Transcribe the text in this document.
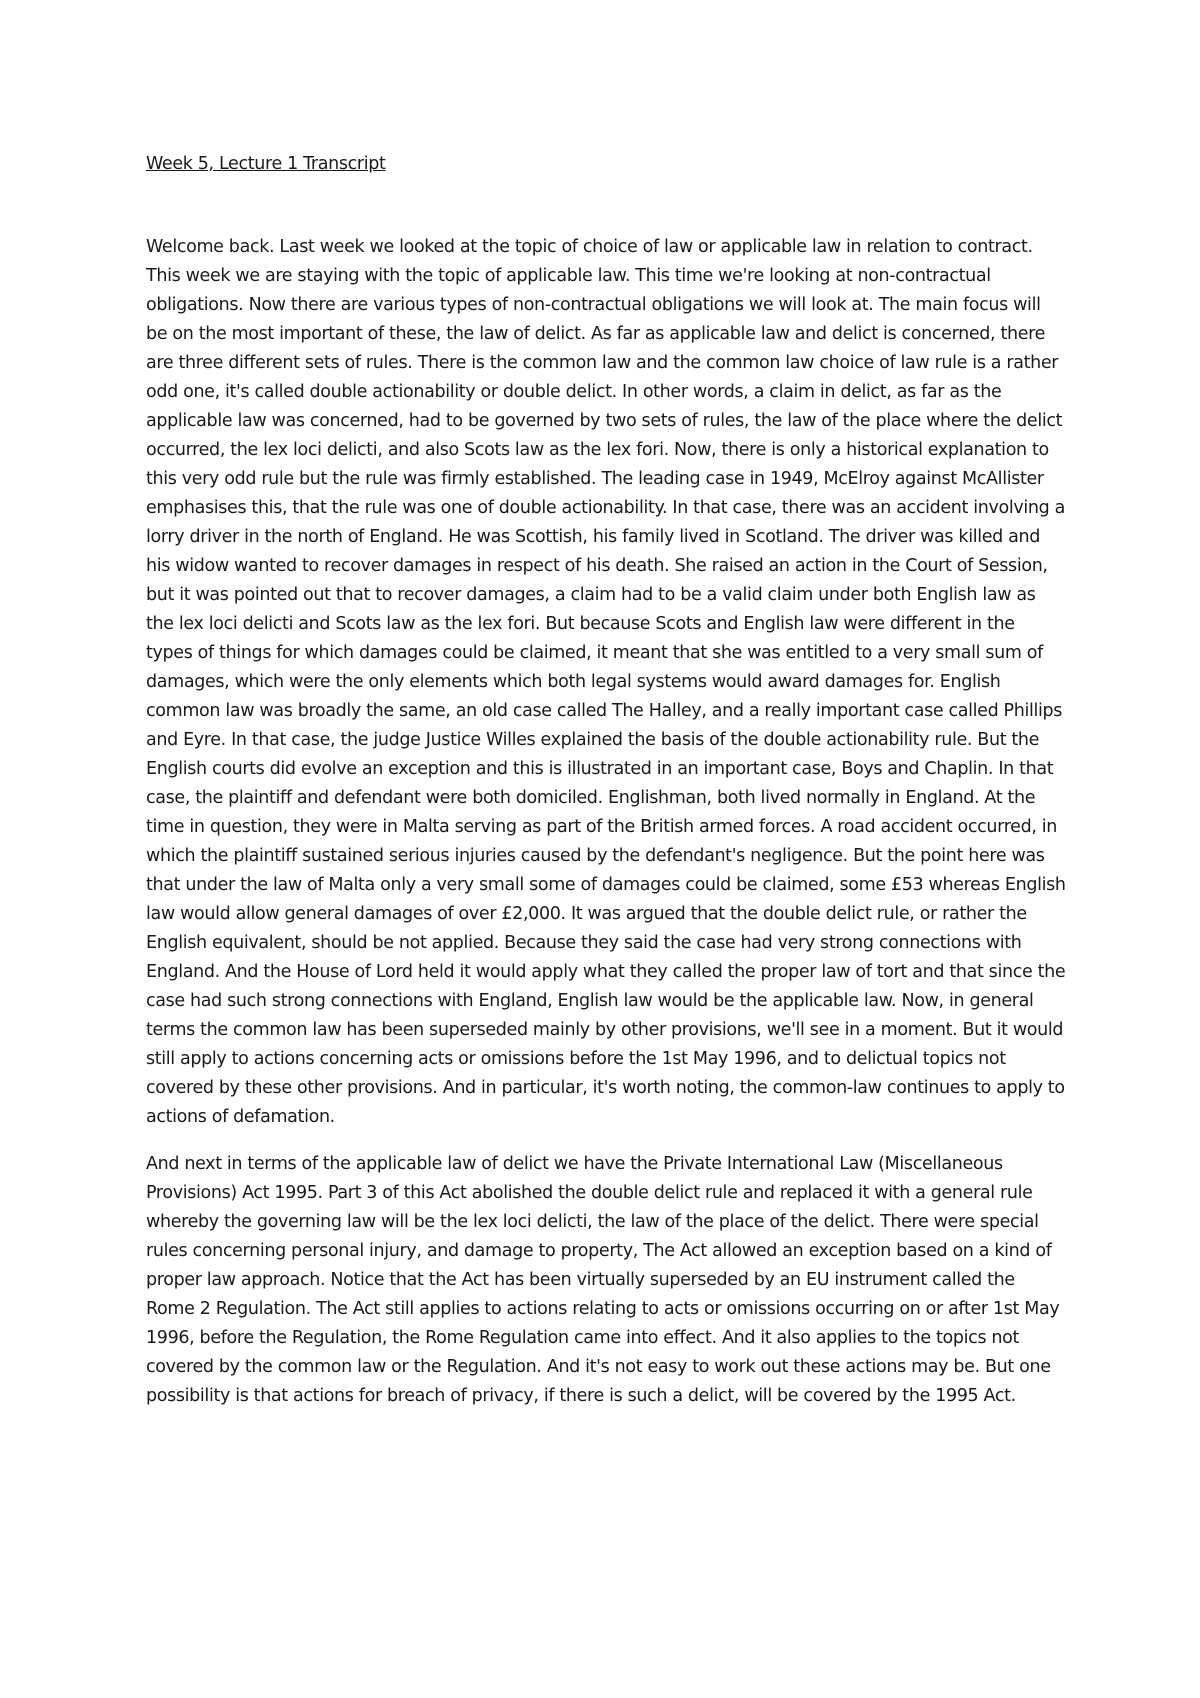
Week 5, Lecture 1 Transcript

Welcome back. Last week we looked at the topic of choice of law or applicable law in relation to contract. This week we are staying with the topic of applicable law. This time we're looking at non-contractual obligations. Now there are various types of non-contractual obligations we will look at. The main focus will be on the most important of these, the law of delict. As far as applicable law and delict is concerned, there are three different sets of rules. There is the common law and the common law choice of law rule is a rather odd one, it's called double actionability or double delict. In other words, a claim in delict, as far as the applicable law was concerned, had to be governed by two sets of rules, the law of the place where the delict occurred, the lex loci delicti, and also Scots law as the lex fori. Now, there is only a historical explanation to this very odd rule but the rule was firmly established. The leading case in 1949, McElroy against McAllister emphasises this, that the rule was one of double actionability. In that case, there was an accident involving a lorry driver in the north of England. He was Scottish, his family lived in Scotland. The driver was killed and his widow wanted to recover damages in respect of his death. She raised an action in the Court of Session, but it was pointed out that to recover damages, a claim had to be a valid claim under both English law as the lex loci delicti and Scots law as the lex fori. But because Scots and English law were different in the types of things for which damages could be claimed, it meant that she was entitled to a very small sum of damages, which were the only elements which both legal systems would award damages for. English common law was broadly the same, an old case called The Halley, and a really important case called Phillips and Eyre. In that case, the judge Justice Willes explained the basis of the double actionability rule. But the English courts did evolve an exception and this is illustrated in an important case, Boys and Chaplin. In that case, the plaintiff and defendant were both domiciled. Englishman, both lived normally in England. At the time in question, they were in Malta serving as part of the British armed forces. A road accident occurred, in which the plaintiff sustained serious injuries caused by the defendant's negligence. But the point here was that under the law of Malta only a very small some of damages could be claimed, some £53 whereas English law would allow general damages of over £2,000. It was argued that the double delict rule, or rather the English equivalent, should be not applied. Because they said the case had very strong connections with England. And the House of Lord held it would apply what they called the proper law of tort and that since the case had such strong connections with England, English law would be the applicable law. Now, in general terms the common law has been superseded mainly by other provisions, we'll see in a moment. But it would still apply to actions concerning acts or omissions before the 1st May 1996, and to delictual topics not covered by these other provisions. And in particular, it's worth noting, the common-law continues to apply to actions of defamation.

And next in terms of the applicable law of delict we have the Private International Law (Miscellaneous Provisions) Act 1995. Part 3 of this Act abolished the double delict rule and replaced it with a general rule whereby the governing law will be the lex loci delicti, the law of the place of the delict. There were special rules concerning personal injury, and damage to property, The Act allowed an exception based on a kind of proper law approach. Notice that the Act has been virtually superseded by an EU instrument called the Rome 2 Regulation. The Act still applies to actions relating to acts or omissions occurring on or after 1st May 1996, before the Regulation, the Rome Regulation came into effect. And it also applies to the topics not covered by the common law or the Regulation. And it's not easy to work out these actions may be. But one possibility is that actions for breach of privacy, if there is such a delict, will be covered by the 1995 Act.
